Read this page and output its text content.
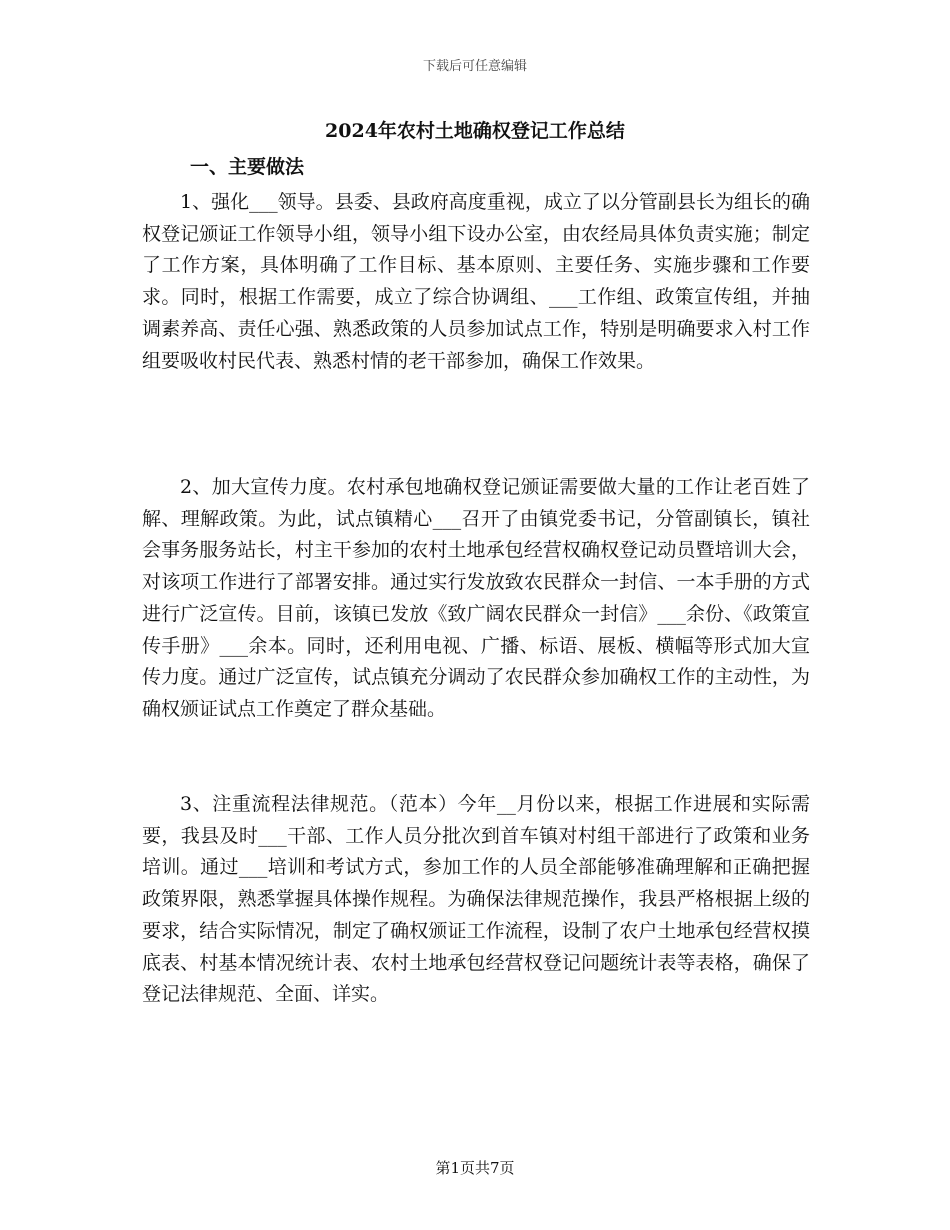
下载后可任意编辑
2024年农村土地确权登记工作总结
一、主要做法

1、强化___领导。县委、县政府高度重视，成立了以分管副县长为组长的确权登记颁证工作领导小组，领导小组下设办公室，由农经局具体负责实施；制定了工作方案，具体明确了工作目标、基本原则、主要任务、实施步骤和工作要求。同时，根据工作需要，成立了综合协调组、___工作组、政策宣传组，并抽调素养高、责任心强、熟悉政策的人员参加试点工作，特别是明确要求入村工作组要吸收村民代表、熟悉村情的老干部参加，确保工作效果。

2、加大宣传力度。农村承包地确权登记颁证需要做大量的工作让老百姓了解、理解政策。为此，试点镇精心___召开了由镇党委书记，分管副镇长，镇社会事务服务站长，村主干参加的农村土地承包经营权确权登记动员暨培训大会，对该项工作进行了部署安排。通过实行发放致农民群众一封信、一本手册的方式进行广泛宣传。目前，该镇已发放《致广阔农民群众一封信》___余份、《政策宣传手册》___余本。同时，还利用电视、广播、标语、展板、横幅等形式加大宣传力度。通过广泛宣传，试点镇充分调动了农民群众参加确权工作的主动性，为确权颁证试点工作奠定了群众基础。

3、注重流程法律规范。（范本）今年__月份以来，根据工作进展和实际需要，我县及时___干部、工作人员分批次到首车镇对村组干部进行了政策和业务培训。通过___培训和考试方式，参加工作的人员全部能够准确理解和正确把握政策界限，熟悉掌握具体操作规程。为确保法律规范操作，我县严格根据上级的要求，结合实际情况，制定了确权颁证工作流程，设制了农户土地承包经营权摸底表、村基本情况统计表、农村土地承包经营权登记问题统计表等表格，确保了登记法律规范、全面、详实。

第1页共7页
